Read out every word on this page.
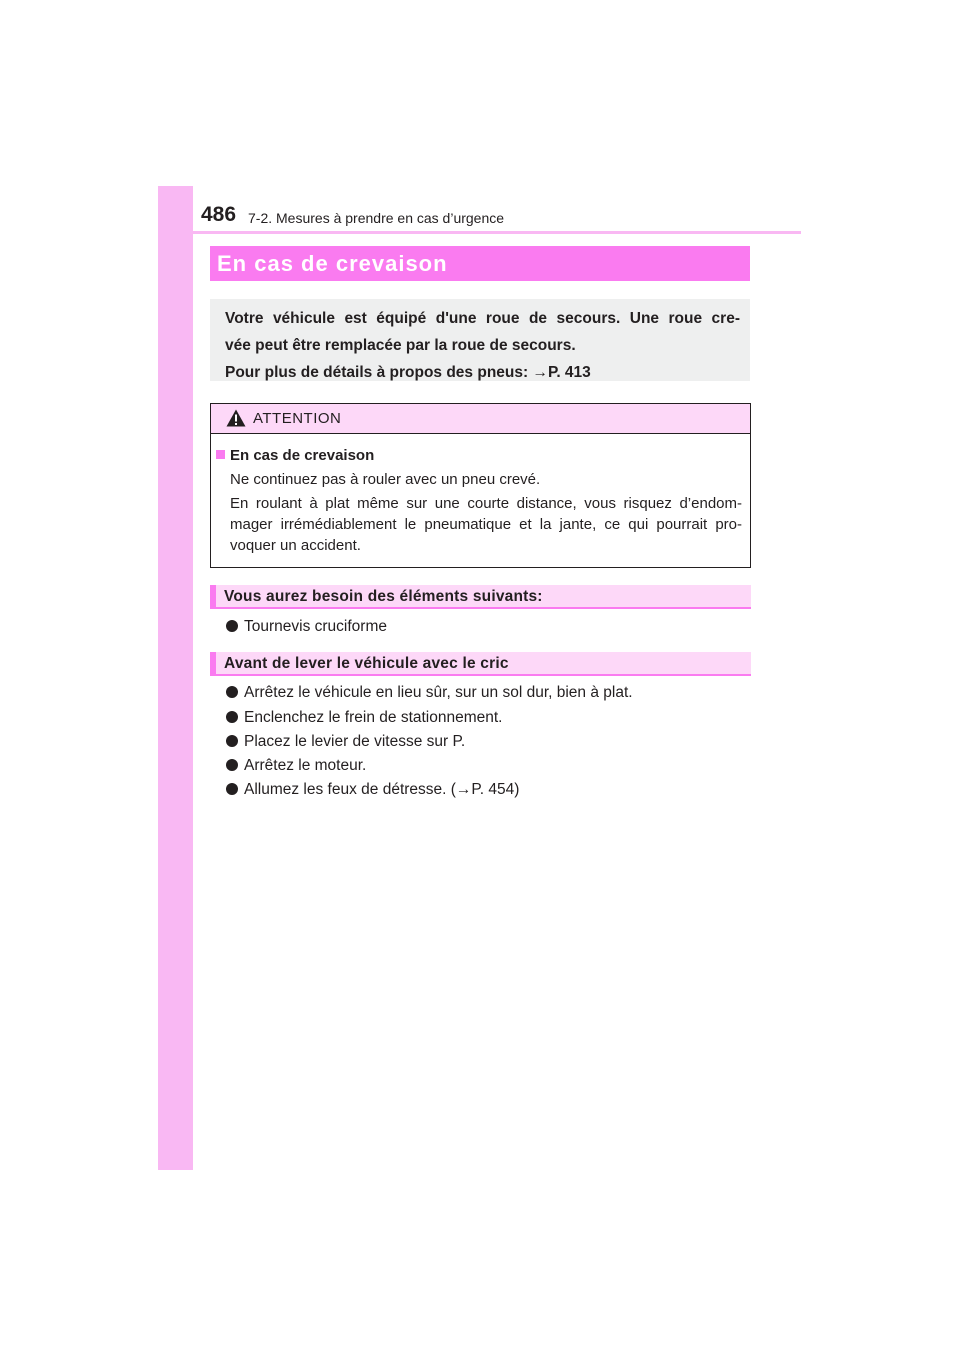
486 7-2. Mesures à prendre en cas d’urgence
En cas de crevaison

Votre véhicule est équipé d'une roue de secours. Une roue cre-

vée peut être remplacée par la roue de secours.

Pour plus de détails à propos des pneus: →P. 413

ATTENTION
En cas de crevaison
Ne continuez pas à rouler avec un pneu crevé.
En roulant à plat même sur une courte distance, vous risquez d’endom-mager irrémédiablement le pneumatique et la jante, ce qui pourrait pro-voquer un accident.
Vous aurez besoin des éléments suivants:
Tournevis cruciforme
Avant de lever le véhicule avec le cric
Arrêtez le véhicule en lieu sûr, sur un sol dur, bien à plat.
Enclenchez le frein de stationnement.
Placez le levier de vitesse sur P.
Arrêtez le moteur.
Allumez les feux de détresse. (→P. 454)
